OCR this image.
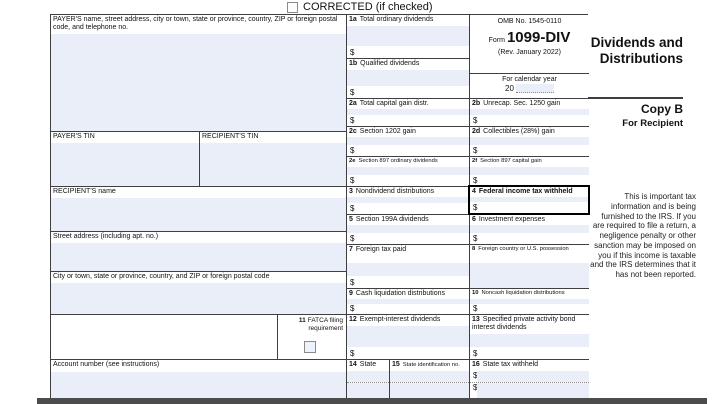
CORRECTED (if checked)
PAYER'S name, street address, city or town, state or province, country, ZIP or foreign postal code, and telephone no.
PAYER'S TIN	RECIPIENT'S TIN
RECIPIENT'S name
Street address (including apt. no.)
City or town, state or province, country, and ZIP or foreign postal code
11 FATCA filing requirement
Account number (see instructions)
OMB No. 1545-0110
Form 1099-DIV
(Rev. January 2022)
For calendar year
20
1a Total ordinary dividends
$
1b Qualified dividends
$
2a Total capital gain distr.
$
2b Unrecap. Sec. 1250 gain
$
2c Section 1202 gain
$
2d Collectibles (28%) gain
$
2e Section 897 ordinary dividends
$
2f Section 897 capital gain
$
3 Nondividend distributions
$
4 Federal income tax withheld
$
5 Section 199A dividends
$
6 Investment expenses
$
7 Foreign tax paid
$
8 Foreign country or U.S. possession
9 Cash liquidation distributions
$
10 Noncash liquidation distributions
$
12 Exempt-interest dividends
$
13 Specified private activity bond interest dividends
$
14 State	15 State identification no.	16 State tax withheld
$
$
Dividends and
Distributions
Copy B
For Recipient
This is important tax information and is being furnished to the IRS. If you are required to file a return, a negligence penalty or other sanction may be imposed on you if this income is taxable and the IRS determines that it has not been reported.
